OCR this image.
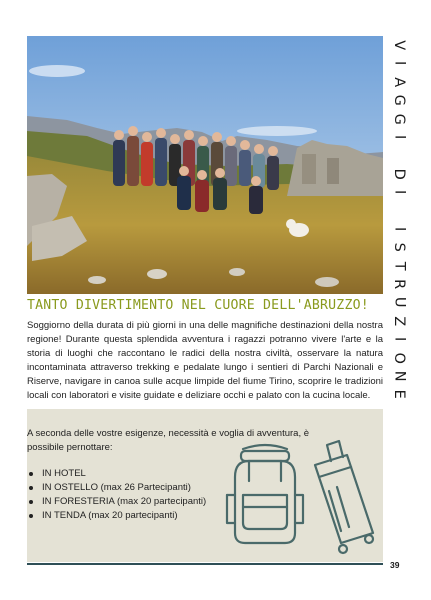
V
I
A
G
G
I

D
I

I
S
T
R
U
Z
I
O
N
E
TANTO DIVERTIMENTO NEL CUORE DELL'ABRUZZO!
Soggiorno della durata di più giorni in una delle magnifiche destinazioni della nostra regione! Durante questa splendida avventura i ragazzi potranno vivere l'arte e la storia di luoghi che raccontano le radici della nostra civiltà, osservare la natura incontaminata attraverso trekking e pedalate lungo i sentieri di Parchi Nazionali e Riserve, navigare in canoa sulle acque limpide del fiume Tirino, scoprire le tradizioni locali con laboratori e visite guidate e deliziare occhi e palato con la cucina locale.
A seconda delle vostre esigenze, necessità e voglia di avventura, è possibile pernottare:
IN HOTEL
IN OSTELLO (max 26 Partecipanti)
IN FORESTERIA (max 20 partecipanti)
IN TENDA (max 20 partecipanti)
39
